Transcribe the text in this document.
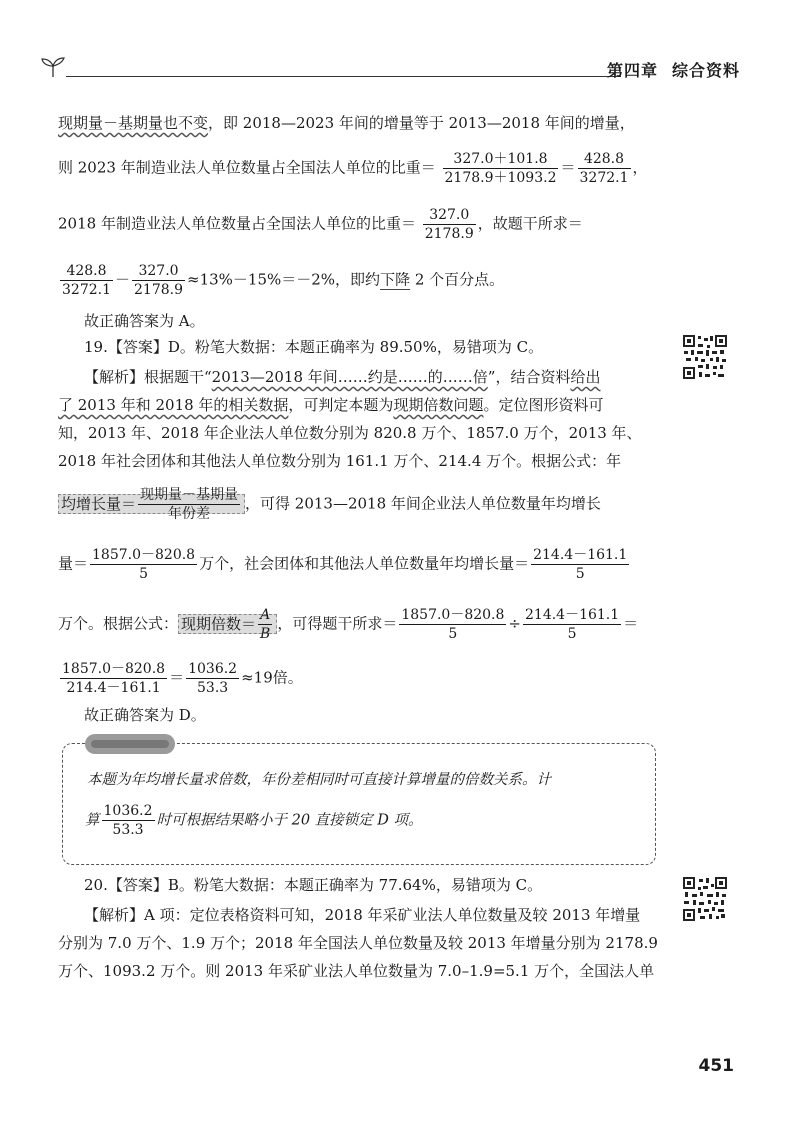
第四章 综合资料
现期量－基期量也不变，即 2018—2023 年间的增量等于 2013—2018 年间的增量，
则 2023 年制造业法人单位数量占全国法人单位的比重＝ $\frac{327.0+101.8}{2178.9+1093.2} = \frac{428.8}{3272.1}$ ，
2018 年制造业法人单位数量占全国法人单位的比重＝ $\frac{327.0}{2178.9}$ ，故题干所求＝
$\frac{428.8}{3272.1} - \frac{327.0}{2178.9} \approx 13\%-15\%=-2\%$，即约下降 2 个百分点。
故正确答案为 A。
19.【答案】D。粉笔大数据：本题正确率为 89.50%，易错项为 C。
【解析】根据题干“2013—2018 年间……约是……的……倍”，结合资料给出
了 2013 年和 2018 年的相关数据，可判定本题为现期倍数问题。定位图形资料可
知，2013 年、2018 年企业法人单位数分别为 820.8 万个、1857.0 万个，2013 年、
2018 年社会团体和其他法人单位数分别为 161.1 万个、214.4 万个。根据公式：年
均增长量＝ $\frac{\text{现期量－基期量}}{\text{年份差}}$ ，可得 2013—2018 年间企业法人单位数量年均增长
量＝ $\frac{1857.0-820.8}{5}$ 万个，社会团体和其他法人单位数量年均增长量＝ $\frac{214.4-161.1}{5}$
万个。根据公式： 现期倍数＝ $\frac{A}{B}$ ，可得题干所求＝ $\frac{1857.0-820.8}{5} \div \frac{214.4-161.1}{5}$ ＝
$\frac{1857.0-820.8}{214.4-161.1} = \frac{1036.2}{53.3} \approx 19$倍。
故正确答案为 D。
本题为年均增长量求倍数，年份差相同时可直接计算增量的倍数关系。计
算 $\frac{1036.2}{53.3}$ 时可根据结果略小于 20 直接锁定 D 项。
20.【答案】B。粉笔大数据：本题正确率为 77.64%，易错项为 C。
【解析】A 项：定位表格资料可知，2018 年采矿业法人单位数量及较 2013 年增量
分别为 7.0 万个、1.9 万个；2018 年全国法人单位数量及较 2013 年增量分别为 2178.9
万个、1093.2 万个。则 2013 年采矿业法人单位数量为 7.0–1.9=5.1 万个，全国法人单
451
